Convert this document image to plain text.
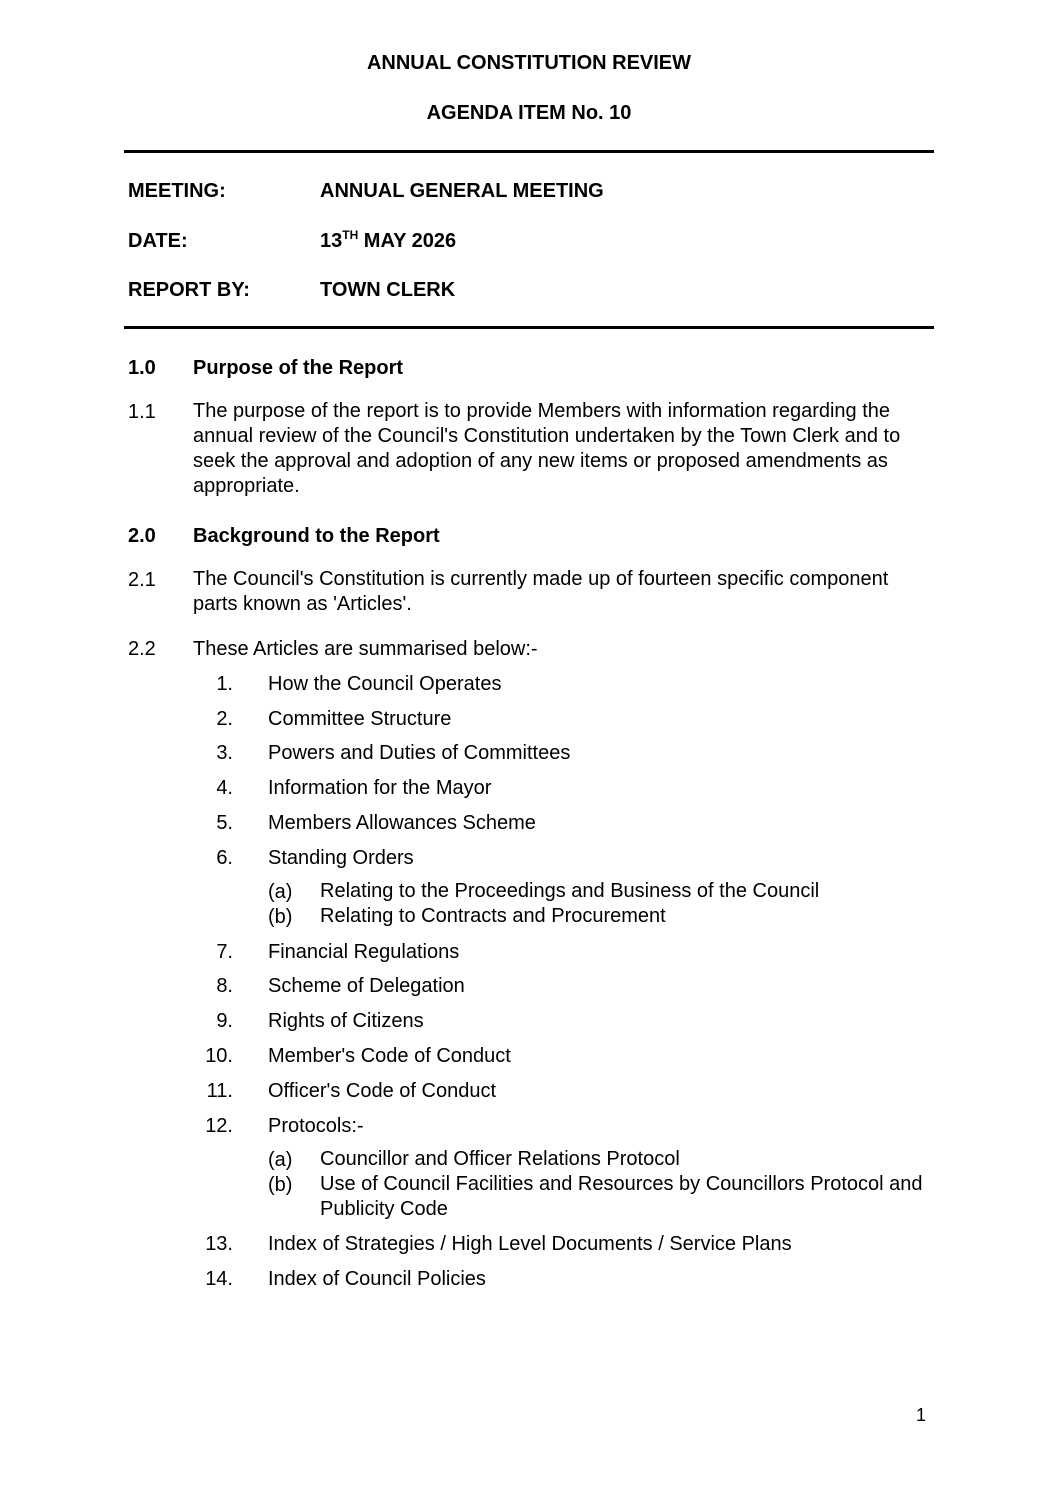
ANNUAL CONSTITUTION REVIEW
AGENDA ITEM No. 10
MEETING:	ANNUAL GENERAL MEETING
DATE:	13TH MAY 2026
REPORT BY:	TOWN CLERK
1.0 Purpose of the Report
1.1 The purpose of the report is to provide Members with information regarding the annual review of the Council's Constitution undertaken by the Town Clerk and to seek the approval and adoption of any new items or proposed amendments as appropriate.
2.0 Background to the Report
2.1 The Council's Constitution is currently made up of fourteen specific component parts known as 'Articles'.
2.2 These Articles are summarised below:-
1. How the Council Operates
2. Committee Structure
3. Powers and Duties of Committees
4. Information for the Mayor
5. Members Allowances Scheme
6. Standing Orders
(a) Relating to the Proceedings and Business of the Council
(b) Relating to Contracts and Procurement
7. Financial Regulations
8. Scheme of Delegation
9. Rights of Citizens
10. Member's Code of Conduct
11. Officer's Code of Conduct
12. Protocols:-
(a) Councillor and Officer Relations Protocol
(b) Use of Council Facilities and Resources by Councillors Protocol and Publicity Code
13. Index of Strategies / High Level Documents / Service Plans
14. Index of Council Policies
1
